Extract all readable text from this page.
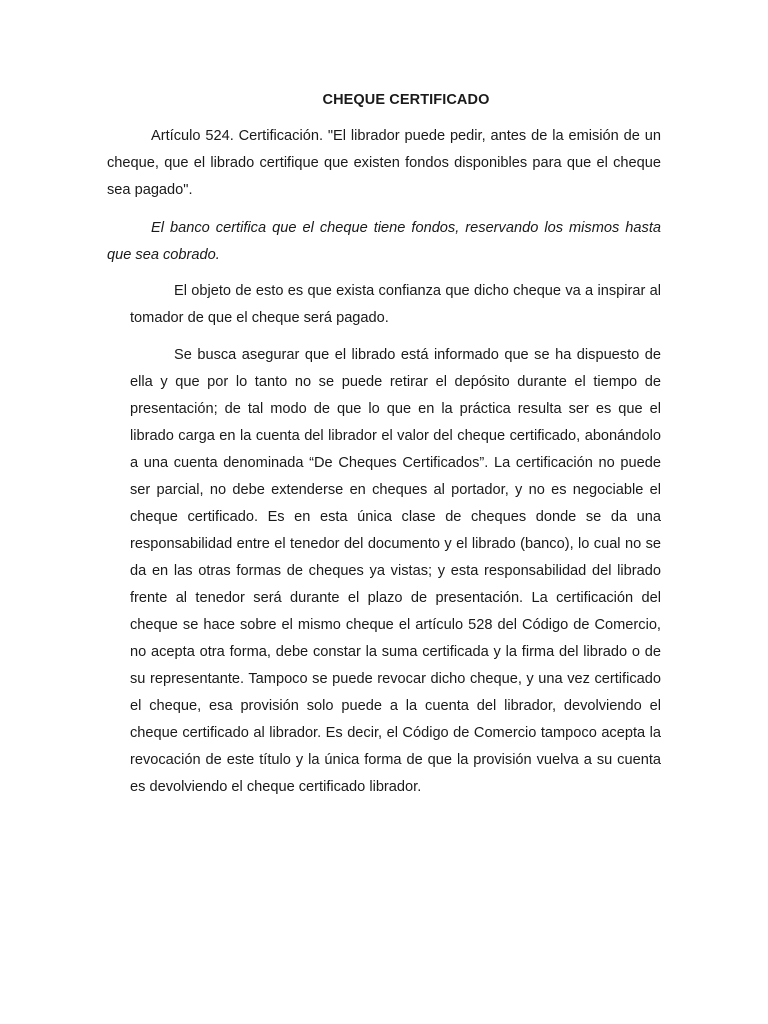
CHEQUE CERTIFICADO

Artículo 524. Certificación. "El librador puede pedir, antes de la emisión de un cheque, que el librado certifique que existen fondos disponibles para que el cheque sea pagado".

El banco certifica que el cheque tiene fondos, reservando los mismos hasta que sea cobrado.

El objeto de esto es que exista confianza que dicho cheque va a inspirar al tomador de que el cheque será pagado.

Se busca asegurar que el librado está informado que se ha dispuesto de ella y que por lo tanto no se puede retirar el depósito durante el tiempo de presentación; de tal modo de que lo que en la práctica resulta ser es que el librado carga en la cuenta del librador el valor del cheque certificado, abonándolo a una cuenta denominada “De Cheques Certificados”. La certificación no puede ser parcial, no debe extenderse en cheques al portador, y no es negociable el cheque certificado. Es en esta única clase de cheques donde se da una responsabilidad entre el tenedor del documento y el librado (banco), lo cual no se da en las otras formas de cheques ya vistas; y esta responsabilidad del librado frente al tenedor será durante el plazo de presentación. La certificación del cheque se hace sobre el mismo cheque el artículo 528 del Código de Comercio, no acepta otra forma, debe constar la suma certificada y la firma del librado o de su representante. Tampoco se puede revocar dicho cheque, y una vez certificado el cheque, esa provisión solo puede a la cuenta del librador, devolviendo el cheque certificado al librador. Es decir, el Código de Comercio tampoco acepta la revocación de este título y la única forma de que la provisión vuelva a su cuenta es devolviendo el cheque certificado librador.
